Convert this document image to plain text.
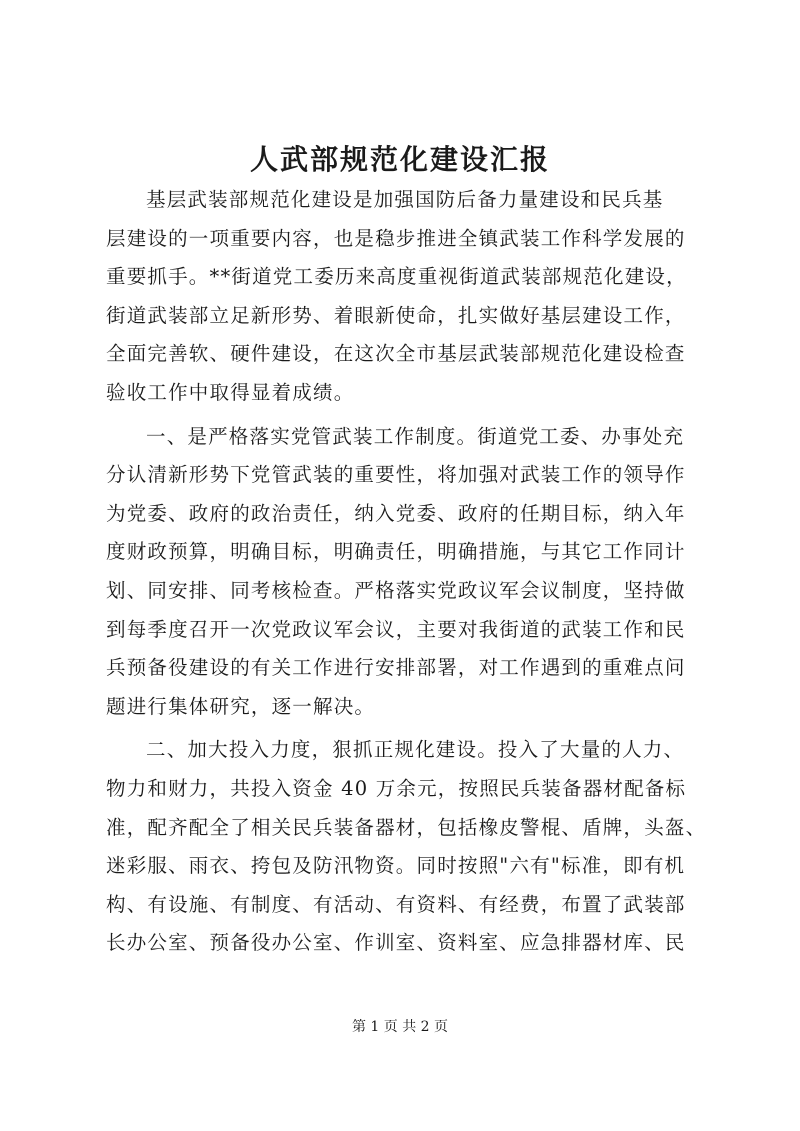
人武部规范化建设汇报
基层武装部规范化建设是加强国防后备力量建设和民兵基
层建设的一项重要内容，也是稳步推进全镇武装工作科学发展的
重要抓手。**街道党工委历来高度重视街道武装部规范化建设，
街道武装部立足新形势、着眼新使命，扎实做好基层建设工作，
全面完善软、硬件建设，在这次全市基层武装部规范化建设检查
验收工作中取得显着成绩。
一、是严格落实党管武装工作制度。街道党工委、办事处充
分认清新形势下党管武装的重要性，将加强对武装工作的领导作
为党委、政府的政治责任，纳入党委、政府的任期目标，纳入年
度财政预算，明确目标，明确责任，明确措施，与其它工作同计
划、同安排、同考核检查。严格落实党政议军会议制度，坚持做
到每季度召开一次党政议军会议，主要对我街道的武装工作和民
兵预备役建设的有关工作进行安排部署，对工作遇到的重难点问
题进行集体研究，逐一解决。
二、加大投入力度，狠抓正规化建设。投入了大量的人力、
物力和财力，共投入资金 40 万余元，按照民兵装备器材配备标
准，配齐配全了相关民兵装备器材，包括橡皮警棍、盾牌，头盔、
迷彩服、雨衣、挎包及防汛物资。同时按照"六有"标准，即有机
构、有设施、有制度、有活动、有资料、有经费，布置了武装部
长办公室、预备役办公室、作训室、资料室、应急排器材库、民
第 1 页 共 2 页
